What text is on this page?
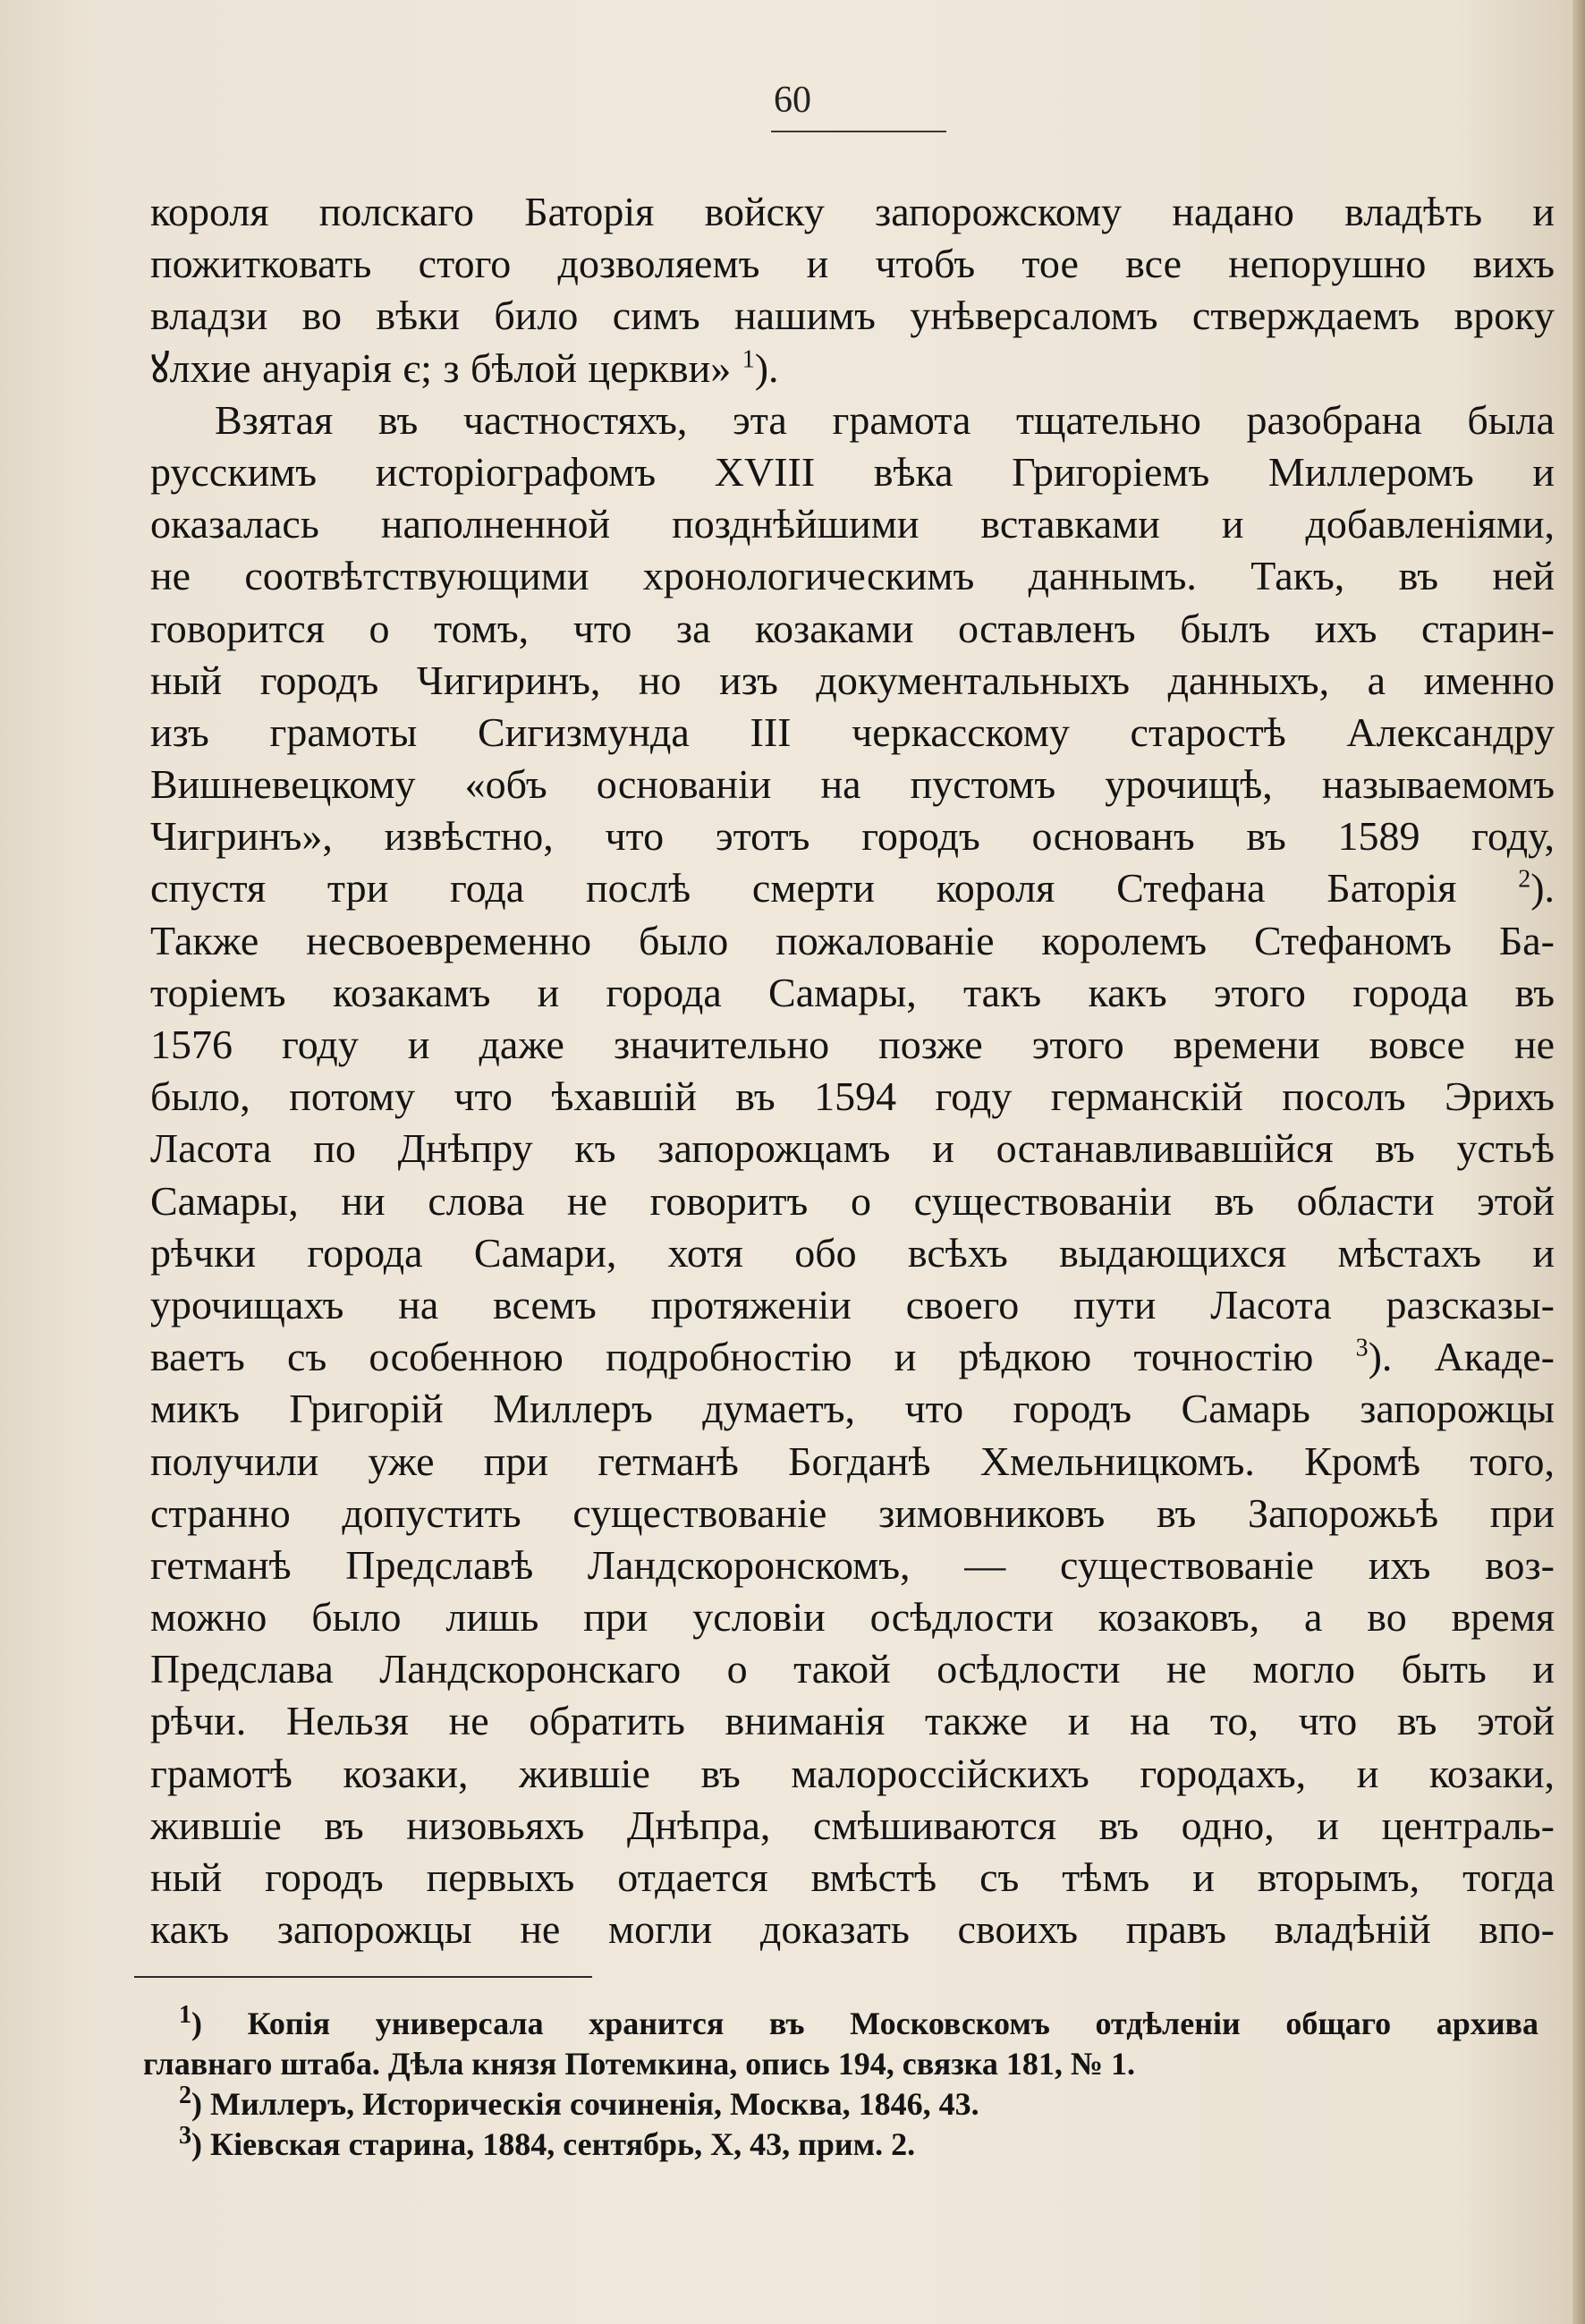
60
короля полскаго Баторія войску запорожскому надано владѣть и
пожитковать стого дозволяемъ и чтобъ тое все непорушно вихъ
владзи во вѣки било симъ нашимъ унѣверсаломъ стверждаемъ вроку
ꙋлхие ануарія є; з бѣлой церкви» $^1$).
Взятая въ частностяхъ, эта грамота тщательно разобрана была
русскимъ исторіографомъ XVIII вѣка Григоріемъ Миллеромъ и
оказалась наполненной позднѣйшими вставками и добавленіями,
не соотвѣтствующими хронологическимъ даннымъ. Такъ, въ ней
говорится о томъ, что за козаками оставленъ былъ ихъ старин-
ный городъ Чигиринъ, но изъ документальныхъ данныхъ, а именно
изъ грамоты Сигизмунда III черкасскому старостѣ Александру
Вишневецкому «объ основаніи на пустомъ урочищѣ, называемомъ
Чигринъ», извѣстно, что этотъ городъ основанъ въ 1589 году,
спустя три года послѣ смерти короля Стефана Баторія $^2$).
Также несвоевременно было пожалованіе королемъ Стефаномъ Ба-
торіемъ козакамъ и города Самары, такъ какъ этого города въ
1576 году и даже значительно позже этого времени вовсе не
было, потому что ѣхавшій въ 1594 году германскій посолъ Эрихъ
Ласота по Днѣпру къ запорожцамъ и останавливавшійся въ устьѣ
Самары, ни слова не говоритъ о существованіи въ области этой
рѣчки города Самари, хотя обо всѣхъ выдающихся мѣстахъ и
урочищахъ на всемъ протяженіи своего пути Ласота разсказы-
ваетъ съ особенною подробностію и рѣдкою точностію $^3$). Акаде-
микъ Григорій Миллеръ думаетъ, что городъ Самарь запорожцы
получили уже при гетманѣ Богданѣ Хмельницкомъ. Кромѣ того,
странно допустить существованіе зимовниковъ въ Запорожьѣ при
гетманѣ Предславѣ Ландскоронскомъ, — существованіе ихъ воз-
можно было лишь при условіи осѣдлости козаковъ, а во время
Предслава Ландскоронскаго о такой осѣдлости не могло быть и
рѣчи. Нельзя не обратить вниманія также и на то, что въ этой
грамотѣ козаки, жившіе въ малороссійскихъ городахъ, и козаки,
жившіе въ низовьяхъ Днѣпра, смѣшиваются въ одно, и централь-
ный городъ первыхъ отдается вмѣстѣ съ тѣмъ и вторымъ, тогда
какъ запорожцы не могли доказать своихъ правъ владѣній впо-
$^1$) Копія универсала хранится въ Московскомъ отдѣленіи общаго архива
главнаго штаба. Дѣла князя Потемкина, опись 194, связка 181, № 1.
$^2$) Миллеръ, Историческія сочиненія, Москва, 1846, 43.
$^3$) Кіевская старина, 1884, сентябрь, X, 43, прим. 2.
